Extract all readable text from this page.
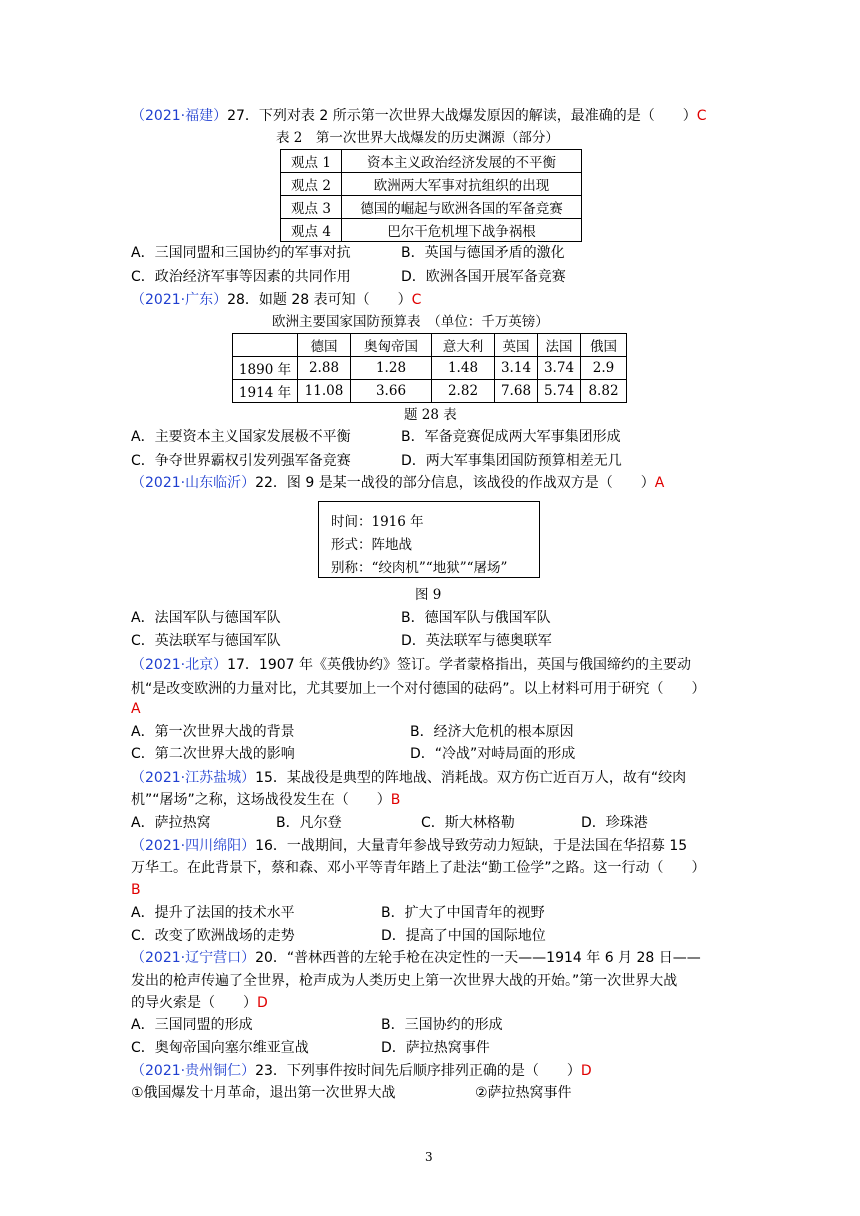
（2021·福建）27．下列对表 2 所示第一次世界大战爆发原因的解读，最准确的是（　　）C
表 2　第一次世界大战爆发的历史渊源（部分）
观点 1	资本主义政治经济发展的不平衡
观点 2	欧洲两大军事对抗组织的出现
观点 3	德国的崛起与欧洲各国的军备竞赛
观点 4	巴尔干危机埋下战争祸根
A．三国同盟和三国协约的军事对抗	B．英国与德国矛盾的激化
C．政治经济军事等因素的共同作用	D．欧洲各国开展军备竞赛
（2021·广东）28．如题 28 表可知（　　）C
欧洲主要国家国防预算表　（单位：千万英镑）
	德国	奥匈帝国	意大利	英国	法国	俄国
1890 年	2.88	1.28	1.48	3.14	3.74	2.9
1914 年	11.08	3.66	2.82	7.68	5.74	8.82
题 28 表
A．主要资本主义国家发展极不平衡	B．军备竞赛促成两大军事集团形成
C．争夺世界霸权引发列强军备竞赛	D．两大军事集团国防预算相差无几
（2021·山东临沂）22．图 9 是某一战役的部分信息，该战役的作战双方是（　　）A
时间：1916 年
形式：阵地战
别称：“绞肉机”“地狱”“屠场”
图 9
A．法国军队与德国军队	B．德国军队与俄国军队
C．英法联军与德国军队	D．英法联军与德奥联军
（2021·北京）17．1907 年《英俄协约》签订。学者蒙格指出，英国与俄国缔约的主要动
机“是改变欧洲的力量对比，尤其要加上一个对付德国的砝码”。以上材料可用于研究（　　）
A
A．第一次世界大战的背景	B．经济大危机的根本原因
C．第二次世界大战的影响	D．“冷战”对峙局面的形成
（2021·江苏盐城）15．某战役是典型的阵地战、消耗战。双方伤亡近百万人，故有“绞肉
机”“屠场”之称，这场战役发生在（　　）B
A．萨拉热窝	B．凡尔登	C．斯大林格勒	D．珍珠港
（2021·四川绵阳）16．一战期间，大量青年参战导致劳动力短缺，于是法国在华招募 15
万华工。在此背景下，蔡和森、邓小平等青年踏上了赴法“勤工俭学”之路。这一行动（　　）
B
A．提升了法国的技术水平	B．扩大了中国青年的视野
C．改变了欧洲战场的走势	D．提高了中国的国际地位
（2021·辽宁营口）20．“普林西普的左轮手枪在决定性的一天——1914 年 6 月 28 日——
发出的枪声传遍了全世界，枪声成为人类历史上第一次世界大战的开始。”第一次世界大战
的导火索是（　　）D
A．三国同盟的形成	B．三国协约的形成
C．奥匈帝国向塞尔维亚宣战	D．萨拉热窝事件
（2021·贵州铜仁）23．下列事件按时间先后顺序排列正确的是（　　）D
①俄国爆发十月革命，退出第一次世界大战	②萨拉热窝事件
3
